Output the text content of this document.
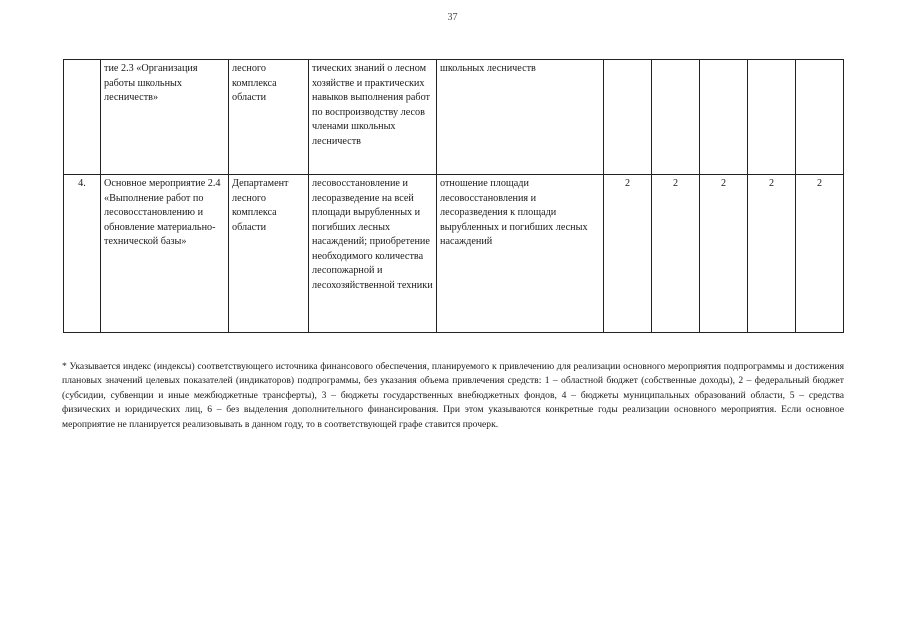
37
	тие 2.3 «Организация работы школьных лесничеств»	лесного комплекса области	тических знаний о лесном хозяйстве и практических навыков выполнения работ по воспроизводству лесов членами школьных лесничеств	школьных лесничеств					
4.	Основное мероприятие 2.4 «Выполнение работ по лесовосстановлению и обновление материально-технической базы»	Департамент лесного комплекса области	лесовосстановление и лесоразведение на всей площади вырубленных и погибших лесных насаждений; приобретение необходимого количества лесопожарной и лесохозяйственной техники	отношение площади лесовосстановления и лесоразведения к площади вырубленных и погибших лесных насаждений	2	2	2	2	2
* Указывается индекс (индексы) соответствующего источника финансового обеспечения, планируемого к привлечению для реализации основного мероприятия подпрограммы и достижения плановых значений целевых показателей (индикаторов) подпрограммы, без указания объема привлечения средств: 1 – областной бюджет (собственные доходы), 2 – федеральный бюджет (субсидии, субвенции и иные межбюджетные трансферты), 3 – бюджеты государственных внебюджетных фондов, 4 – бюджеты муниципальных образований области, 5 – средства физических и юридических лиц, 6 – без выделения дополнительного финансирования. При этом указываются конкретные годы реализации основного мероприятия. Если основное мероприятие не планируется реализовывать в данном году, то в соответствующей графе ставится прочерк.
